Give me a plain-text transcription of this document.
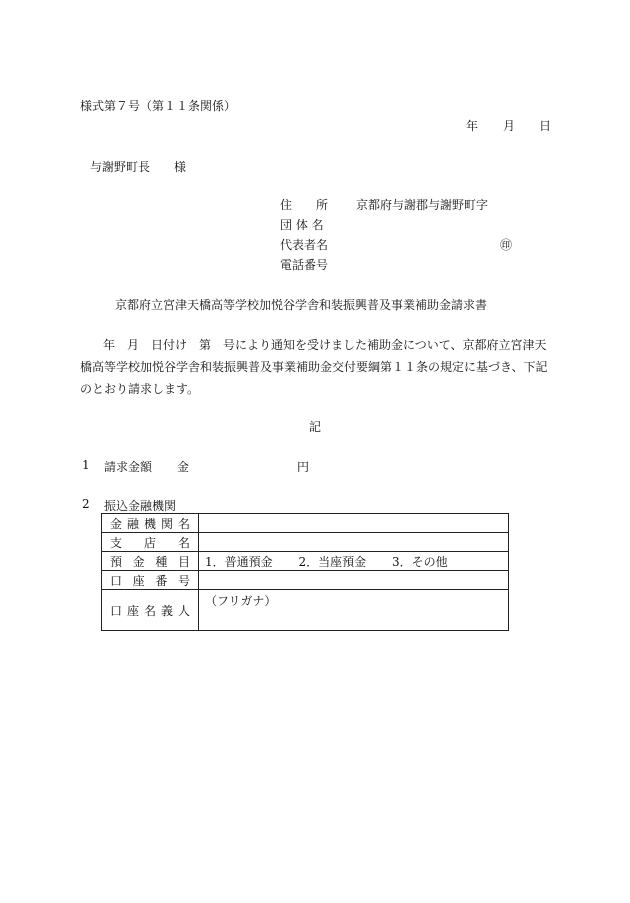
様式第７号（第１１条関係）
年 月 日
与謝野町長　　様
住　　所 京都府与謝郡与謝野町字
団 体 名
代表者名	㊞
電話番号
京都府立宮津天橋高等学校加悦谷学舎和装振興普及事業補助金請求書
年　月　日付け　第　号により通知を受けました補助金について、京都府立宮津天
橋高等学校加悦谷学舎和装振興普及事業補助金交付要綱第１１条の規定に基づき、下記
のとおり請求します。
記
1 請求金額 金	円
2 振込金融機関
金融機関名	
支店名	
預金種目	1．普通預金 2．当座預金 3．その他
口座番号	
口座名義人	（フリガナ）
